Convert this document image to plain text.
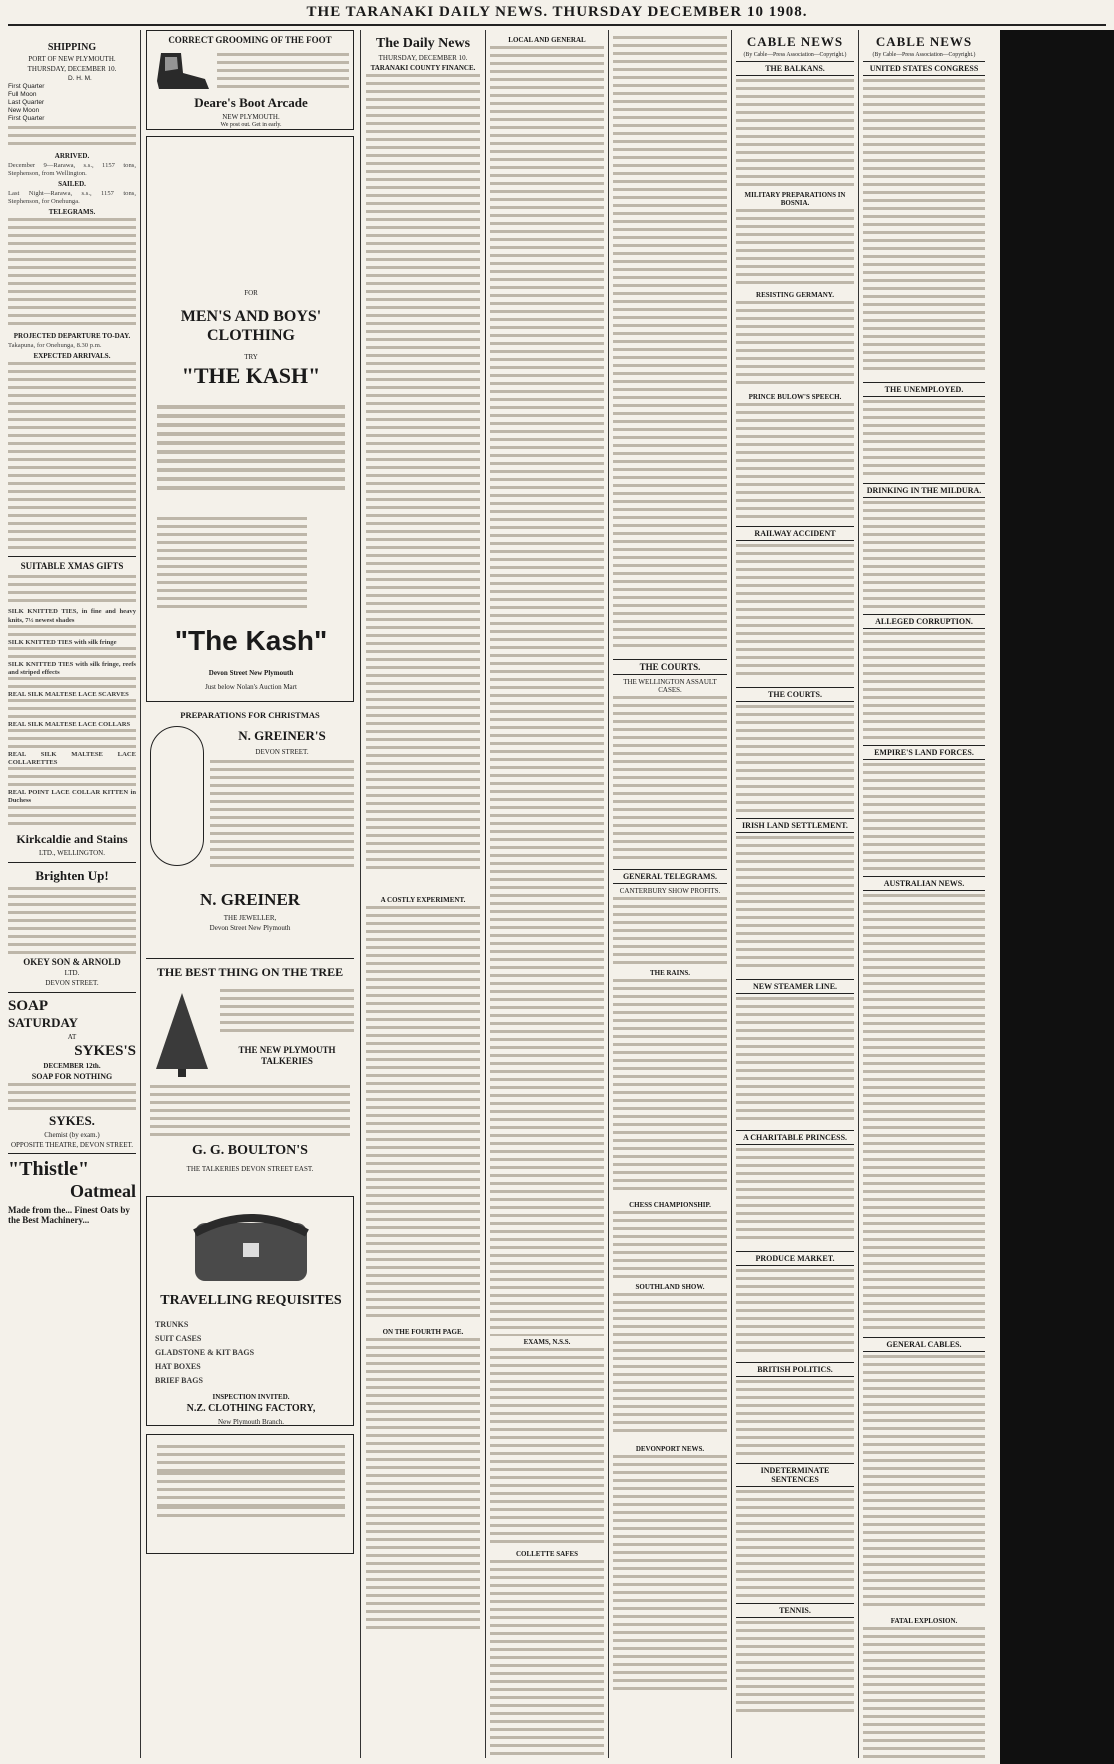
THE TARANAKI DAILY NEWS. THURSDAY DECEMBER 10 1908.
SHIPPING
PORT OF NEW PLYMOUTH.
THURSDAY, DECEMBER 10.
D. H. M.
First Quarter
Full Moon
Last Quarter
New Moon
First Quarter
ARRIVED.
December 9—Rarawa, s.s., 1157 tons, Stephenson, from Wellington.
SAILED.
Last Night—Rarawa, s.s., 1157 tons, Stephenson, for Onehunga.
TELEGRAMS.
PROJECTED DEPARTURE TO-DAY.
Takapuna, for Onehunga, 8.30 p.m.
EXPECTED ARRIVALS.
SUITABLE XMAS GIFTS
SILK KNITTED TIES, in fine and heavy knits, 7½ newest shades
SILK KNITTED TIES with silk fringe
SILK KNITTED TIES with silk fringe, reefs and striped effects
REAL SILK MALTESE LACE SCARVES
REAL SILK MALTESE LACE COLLARS
REAL SILK MALTESE LACE COLLARETTES
REAL POINT LACE COLLAR KITTEN in Duchess
Kirkcaldie and Stains
LTD., WELLINGTON.
Brighten Up!
OKEY SON & ARNOLD
LTD.
DEVON STREET.
SOAP
SATURDAY
AT
SYKES'S
DECEMBER 12th.
SOAP FOR NOTHING
SYKES.
Chemist (by exam.)
OPPOSITE THEATRE, DEVON STREET.
"Thistle"
Oatmeal
Made from the... Finest Oats by the Best Machinery...
CORRECT GROOMING OF THE FOOT
Deare's Boot Arcade
NEW PLYMOUTH.
We post out. Get in early.
FOR
MEN'S AND BOYS' CLOTHING
TRY
"THE KASH"
"The Kash"
Devon Street New Plymouth
Just below Nolan's Auction Mart
PREPARATIONS FOR CHRISTMAS
N. GREINER'S
DEVON STREET.
N. GREINER
THE JEWELLER,
Devon Street New Plymouth
THE BEST THING ON THE TREE
THE NEW PLYMOUTH TALKERIES
G. G. BOULTON'S
THE TALKERIES DEVON STREET EAST.
TRAVELLING REQUISITES
TRUNKS
SUIT CASES
GLADSTONE & KIT BAGS
HAT BOXES
BRIEF BAGS
INSPECTION INVITED.
N.Z. CLOTHING FACTORY,
New Plymouth Branch.
The Daily News
THURSDAY, DECEMBER 10.
TARANAKI COUNTY FINANCE.
A COSTLY EXPERIMENT.
ON THE FOURTH PAGE.
LOCAL AND GENERAL
EXAMS, N.S.S.
COLLETTE SAFES
THE COURTS.
THE WELLINGTON ASSAULT CASES.
GENERAL TELEGRAMS.
CANTERBURY SHOW PROFITS.
THE RAINS.
CHESS CHAMPIONSHIP.
SOUTHLAND SHOW.
DEVONPORT NEWS.
CABLE NEWS
(By Cable—Press Association—Copyright.)
THE BALKANS.
MILITARY PREPARATIONS IN BOSNIA.
RESISTING GERMANY.
PRINCE BULOW'S SPEECH.
RAILWAY ACCIDENT
THE COURTS.
IRISH LAND SETTLEMENT.
NEW STEAMER LINE.
A CHARITABLE PRINCESS.
PRODUCE MARKET.
BRITISH POLITICS.
INDETERMINATE SENTENCES
TENNIS.
CABLE NEWS
(By Cable—Press Association—Copyright.)
UNITED STATES CONGRESS
THE UNEMPLOYED.
DRINKING IN THE MILDURA.
ALLEGED CORRUPTION.
EMPIRE'S LAND FORCES.
AUSTRALIAN NEWS.
GENERAL CABLES.
FATAL EXPLOSION.
